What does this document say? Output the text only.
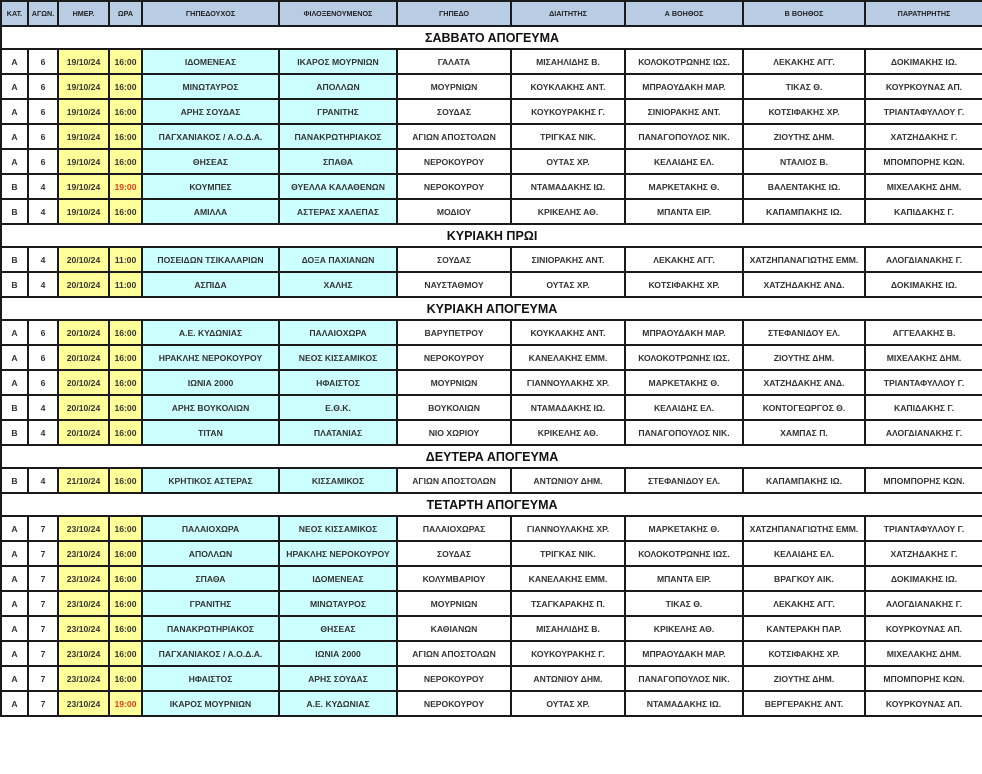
ΚΑΤ.	ΑΓΩΝ.	ΗΜΕΡ.	ΩΡΑ	ΓΗΠΕΔΟΥΧΟΣ	ΦΙΛΟΞΕΝΟΥΜΕΝΟΣ	ΓΗΠΕΔΟ	ΔΙΑΙΤΗΤΗΣ	Α ΒΟΗΘΟΣ	Β ΒΟΗΘΟΣ	ΠΑΡΑΤΗΡΗΤΗΣ
ΣΑΒΒΑΤΟ ΑΠΟΓΕΥΜΑ										
Α	6	19/10/24	16:00	ΙΔΟΜΕΝΕΑΣ	ΙΚΑΡΟΣ ΜΟΥΡΝΙΩΝ	ΓΑΛΑΤΑ	ΜΙΣΑΗΛΙΔΗΣ Β.	ΚΟΛΟΚΟΤΡΩΝΗΣ ΙΩΣ.	ΛΕΚΑΚΗΣ ΑΓΓ.	ΔΟΚΙΜΑΚΗΣ ΙΩ.
Α	6	19/10/24	16:00	ΜΙΝΩΤΑΥΡΟΣ	ΑΠΟΛΛΩΝ	ΜΟΥΡΝΙΩΝ	ΚΟΥΚΛΑΚΗΣ ΑΝΤ.	ΜΠΡΑΟΥΔΑΚΗ ΜΑΡ.	ΤΙΚΑΣ Θ.	ΚΟΥΡΚΟΥΝΑΣ ΑΠ.
Α	6	19/10/24	16:00	ΑΡΗΣ ΣΟΥΔΑΣ	ΓΡΑΝΙΤΗΣ	ΣΟΥΔΑΣ	ΚΟΥΚΟΥΡΑΚΗΣ Γ.	ΣΙΝΙΟΡΑΚΗΣ ΑΝΤ.	ΚΟΤΣΙΦΑΚΗΣ ΧΡ.	ΤΡΙΑΝΤΑΦΥΛΛΟΥ Γ.
Α	6	19/10/24	16:00	ΠΑΓΧΑΝΙΑΚΟΣ / Α.Ο.Δ.Α.	ΠΑΝΑΚΡΩΤΗΡΙΑΚΟΣ	ΑΓΙΩΝ ΑΠΟΣΤΟΛΩΝ	ΤΡΙΓΚΑΣ ΝΙΚ.	ΠΑΝΑΓΟΠΟΥΛΟΣ ΝΙΚ.	ΖΙΟΥΤΗΣ ΔΗΜ.	ΧΑΤΖΗΔΑΚΗΣ Γ.
Α	6	19/10/24	16:00	ΘΗΣΕΑΣ	ΣΠΑΘΑ	ΝΕΡΟΚΟΥΡΟΥ	ΟΥΤΑΣ ΧΡ.	ΚΕΛΑΙΔΗΣ ΕΛ.	ΝΤΑΛΙΟΣ Β.	ΜΠΟΜΠΟΡΗΣ ΚΩΝ.
Β	4	19/10/24	19:00	ΚΟΥΜΠΕΣ	ΘΥΕΛΛΑ ΚΑΛΑΘΕΝΩΝ	ΝΕΡΟΚΟΥΡΟΥ	ΝΤΑΜΑΔΑΚΗΣ ΙΩ.	ΜΑΡΚΕΤΑΚΗΣ Θ.	ΒΑΛΕΝΤΑΚΗΣ ΙΩ.	ΜΙΧΕΛΑΚΗΣ ΔΗΜ.
Β	4	19/10/24	16:00	ΑΜΙΛΛΑ	ΑΣΤΕΡΑΣ ΧΑΛΕΠΑΣ	ΜΟΔΙΟΥ	ΚΡΙΚΕΛΗΣ ΑΘ.	ΜΠΑΝΤΑ ΕΙΡ.	ΚΑΠΑΜΠΑΚΗΣ ΙΩ.	ΚΑΠΙΔΑΚΗΣ Γ.
ΚΥΡΙΑΚΗ ΠΡΩΙ										
Β	4	20/10/24	11:00	ΠΟΣΕΙΔΩΝ ΤΣΙΚΑΛΑΡΙΩΝ	ΔΟΞΑ ΠΑΧΙΑΝΩΝ	ΣΟΥΔΑΣ	ΣΙΝΙΟΡΑΚΗΣ ΑΝΤ.	ΛΕΚΑΚΗΣ ΑΓΓ.	ΧΑΤΖΗΠΑΝΑΓΙΩΤΗΣ ΕΜΜ.	ΑΛΟΓΔΙΑΝΑΚΗΣ Γ.
Β	4	20/10/24	11:00	ΑΣΠΙΔΑ	ΧΑΛΗΣ	ΝΑΥΣΤΑΘΜΟΥ	ΟΥΤΑΣ ΧΡ.	ΚΟΤΣΙΦΑΚΗΣ ΧΡ.	ΧΑΤΖΗΔΑΚΗΣ ΑΝΔ.	ΔΟΚΙΜΑΚΗΣ ΙΩ.
ΚΥΡΙΑΚΗ ΑΠΟΓΕΥΜΑ										
Α	6	20/10/24	16:00	Α.Ε. ΚΥΔΩΝΙΑΣ	ΠΑΛΑΙΟΧΩΡΑ	ΒΑΡΥΠΕΤΡΟΥ	ΚΟΥΚΛΑΚΗΣ ΑΝΤ.	ΜΠΡΑΟΥΔΑΚΗ ΜΑΡ.	ΣΤΕΦΑΝΙΔΟΥ ΕΛ.	ΑΓΓΕΛΑΚΗΣ Β.
Α	6	20/10/24	16:00	ΗΡΑΚΛΗΣ ΝΕΡΟΚΟΥΡΟΥ	ΝΕΟΣ ΚΙΣΣΑΜΙΚΟΣ	ΝΕΡΟΚΟΥΡΟΥ	ΚΑΝΕΛΑΚΗΣ ΕΜΜ.	ΚΟΛΟΚΟΤΡΩΝΗΣ ΙΩΣ.	ΖΙΟΥΤΗΣ ΔΗΜ.	ΜΙΧΕΛΑΚΗΣ ΔΗΜ.
Α	6	20/10/24	16:00	ΙΩΝΙΑ 2000	ΗΦΑΙΣΤΟΣ	ΜΟΥΡΝΙΩΝ	ΓΙΑΝΝΟΥΛΑΚΗΣ ΧΡ.	ΜΑΡΚΕΤΑΚΗΣ Θ.	ΧΑΤΖΗΔΑΚΗΣ ΑΝΔ.	ΤΡΙΑΝΤΑΦΥΛΛΟΥ Γ.
Β	4	20/10/24	16:00	ΑΡΗΣ ΒΟΥΚΟΛΙΩΝ	Ε.Θ.Κ.	ΒΟΥΚΟΛΙΩΝ	ΝΤΑΜΑΔΑΚΗΣ ΙΩ.	ΚΕΛΑΙΔΗΣ ΕΛ.	ΚΟΝΤΟΓΕΩΡΓΟΣ Θ.	ΚΑΠΙΔΑΚΗΣ Γ.
Β	4	20/10/24	16:00	ΤΙΤΑΝ	ΠΛΑΤΑΝΙΑΣ	ΝΙΟ ΧΩΡΙΟΥ	ΚΡΙΚΕΛΗΣ ΑΘ.	ΠΑΝΑΓΟΠΟΥΛΟΣ ΝΙΚ.	ΧΑΜΠΑΣ Π.	ΑΛΟΓΔΙΑΝΑΚΗΣ Γ.
ΔΕΥΤΕΡΑ ΑΠΟΓΕΥΜΑ										
Β	4	21/10/24	16:00	ΚΡΗΤΙΚΟΣ ΑΣΤΕΡΑΣ	ΚΙΣΣΑΜΙΚΟΣ	ΑΓΙΩΝ ΑΠΟΣΤΟΛΩΝ	ΑΝΤΩΝΙΟΥ ΔΗΜ.	ΣΤΕΦΑΝΙΔΟΥ ΕΛ.	ΚΑΠΑΜΠΑΚΗΣ ΙΩ.	ΜΠΟΜΠΟΡΗΣ ΚΩΝ.
ΤΕΤΑΡΤΗ ΑΠΟΓΕΥΜΑ										
Α	7	23/10/24	16:00	ΠΑΛΑΙΟΧΩΡΑ	ΝΕΟΣ ΚΙΣΣΑΜΙΚΟΣ	ΠΑΛΑΙΟΧΩΡΑΣ	ΓΙΑΝΝΟΥΛΑΚΗΣ ΧΡ.	ΜΑΡΚΕΤΑΚΗΣ Θ.	ΧΑΤΖΗΠΑΝΑΓΙΩΤΗΣ ΕΜΜ.	ΤΡΙΑΝΤΑΦΥΛΛΟΥ Γ.
Α	7	23/10/24	16:00	ΑΠΟΛΛΩΝ	ΗΡΑΚΛΗΣ ΝΕΡΟΚΟΥΡΟΥ	ΣΟΥΔΑΣ	ΤΡΙΓΚΑΣ ΝΙΚ.	ΚΟΛΟΚΟΤΡΩΝΗΣ ΙΩΣ.	ΚΕΛΑΙΔΗΣ ΕΛ.	ΧΑΤΖΗΔΑΚΗΣ Γ.
Α	7	23/10/24	16:00	ΣΠΑΘΑ	ΙΔΟΜΕΝΕΑΣ	ΚΟΛΥΜΒΑΡΙΟΥ	ΚΑΝΕΛΑΚΗΣ ΕΜΜ.	ΜΠΑΝΤΑ ΕΙΡ.	ΒΡΑΓΚΟΥ ΑΙΚ.	ΔΟΚΙΜΑΚΗΣ ΙΩ.
Α	7	23/10/24	16:00	ΓΡΑΝΙΤΗΣ	ΜΙΝΩΤΑΥΡΟΣ	ΜΟΥΡΝΙΩΝ	ΤΣΑΓΚΑΡΑΚΗΣ Π.	ΤΙΚΑΣ Θ.	ΛΕΚΑΚΗΣ ΑΓΓ.	ΑΛΟΓΔΙΑΝΑΚΗΣ Γ.
Α	7	23/10/24	16:00	ΠΑΝΑΚΡΩΤΗΡΙΑΚΟΣ	ΘΗΣΕΑΣ	ΚΑΘΙΑΝΩΝ	ΜΙΣΑΗΛΙΔΗΣ Β.	ΚΡΙΚΕΛΗΣ ΑΘ.	ΚΑΝΤΕΡΑΚΗ ΠΑΡ.	ΚΟΥΡΚΟΥΝΑΣ ΑΠ.
Α	7	23/10/24	16:00	ΠΑΓΧΑΝΙΑΚΟΣ / Α.Ο.Δ.Α.	ΙΩΝΙΑ 2000	ΑΓΙΩΝ ΑΠΟΣΤΟΛΩΝ	ΚΟΥΚΟΥΡΑΚΗΣ Γ.	ΜΠΡΑΟΥΔΑΚΗ ΜΑΡ.	ΚΟΤΣΙΦΑΚΗΣ ΧΡ.	ΜΙΧΕΛΑΚΗΣ ΔΗΜ.
Α	7	23/10/24	16:00	ΗΦΑΙΣΤΟΣ	ΑΡΗΣ ΣΟΥΔΑΣ	ΝΕΡΟΚΟΥΡΟΥ	ΑΝΤΩΝΙΟΥ ΔΗΜ.	ΠΑΝΑΓΟΠΟΥΛΟΣ ΝΙΚ.	ΖΙΟΥΤΗΣ ΔΗΜ.	ΜΠΟΜΠΟΡΗΣ ΚΩΝ.
Α	7	23/10/24	19:00	ΙΚΑΡΟΣ ΜΟΥΡΝΙΩΝ	Α.Ε. ΚΥΔΩΝΙΑΣ	ΝΕΡΟΚΟΥΡΟΥ	ΟΥΤΑΣ ΧΡ.	ΝΤΑΜΑΔΑΚΗΣ ΙΩ.	ΒΕΡΓΕΡΑΚΗΣ ΑΝΤ.	ΚΟΥΡΚΟΥΝΑΣ ΑΠ.
